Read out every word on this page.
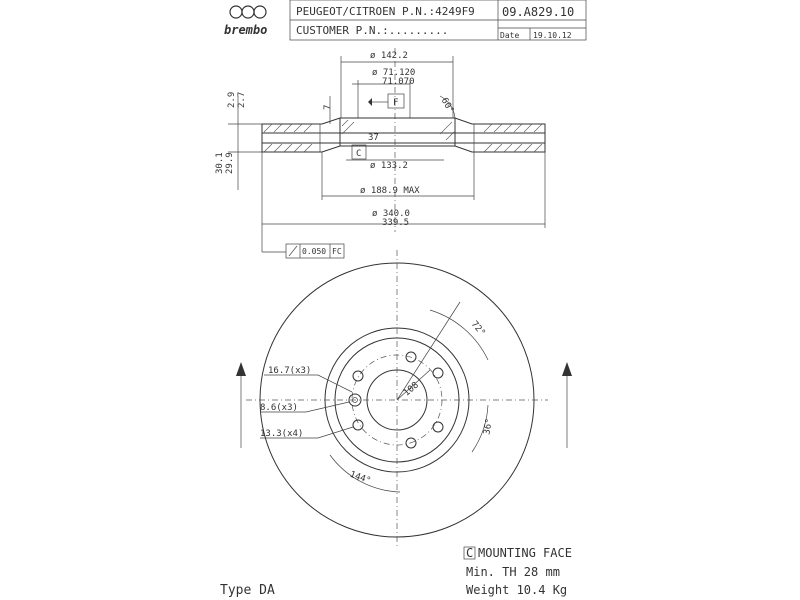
brembo
PEUGEOT/CITROEN P.N.:4249F9
CUSTOMER P.N.:.........
09.A829.10
Date 19.10.12
ø 142.2
ø 71.120
71.070
F	60°
7
37
C
ø 133.2
ø 188.9 MAX
ø 340.0
339.5
2.9 2.7
30.1 29.9
0.050 FC
16.7(x3)
8.6(x3)
13.3(x4)
108
72°
36°
144°
C MOUNTING FACE
Min. TH 28 mm
Weight 10.4 Kg
Type DA
